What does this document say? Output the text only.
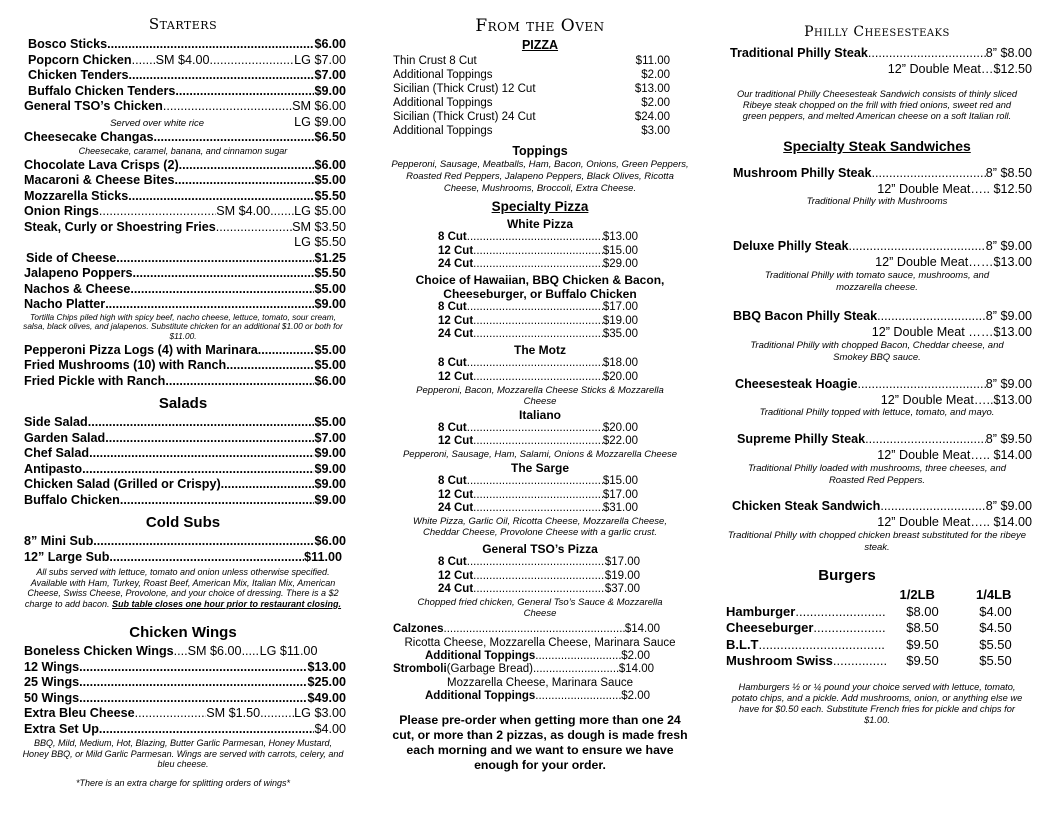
Starters
Bosco Sticks .....	$6.00
Popcorn Chicken ..... SM $4.00 .....	LG $7.00
Chicken Tenders .....	$7.00
Buffalo Chicken Tenders .....	$9.00
General TSO’s Chicken .....	SM $6.00
Served over white rice	LG $9.00
Cheesecake Changas .....	$6.50
Cheesecake, caramel, banana, and cinnamon sugar
Chocolate Lava Crisps (2) .....	$6.00
Macaroni & Cheese Bites .....	$5.00
Mozzarella Sticks .....	$5.50
Onion Rings .....	SM $4.00 ..... LG $5.00
Steak, Curly or Shoestring Fries .....	SM $3.50
LG $5.50
Side of Cheese .....	$1.25
Jalapeno Poppers .....	$5.50
Nachos & Cheese .....	$5.00
Nacho Platter .....	$9.00
Tortilla Chips piled high with spicy beef, nacho cheese, lettuce, tomato, sour cream, salsa, black olives, and jalapenos. Substitute chicken for an additional $1.00 or both for $11.00.
Pepperoni Pizza Logs (4) with Marinara .....	$5.00
Fried Mushrooms (10) with Ranch .....	$5.00
Fried Pickle with Ranch .....	$6.00
Salads
Side Salad .....	$5.00
Garden Salad .....	$7.00
Chef Salad .....	$9.00
Antipasto .....	$9.00
Chicken Salad (Grilled or Crispy) .....	$9.00
Buffalo Chicken .....	$9.00
Cold Subs
8” Mini Sub .....	$6.00
12” Large Sub .....	$11.00
All subs served with lettuce, tomato and onion unless otherwise specified. Available with Ham, Turkey, Roast Beef, American Mix, Italian Mix, American Cheese, Swiss Cheese, Provolone, and your choice of dressing. There is a $2 charge to add bacon. Sub table closes one hour prior to restaurant closing.
Chicken Wings
Boneless Chicken Wings ..... SM $6.00 ..... LG $11.00
12 Wings .....	$13.00
25 Wings .....	$25.00
50 Wings .....	$49.00
Extra Bleu Cheese .....	SM $1.50 .....	LG $3.00
Extra Set Up .....	$4.00
BBQ, Mild, Medium, Hot, Blazing, Butter Garlic Parmesan, Honey Mustard, Honey BBQ, or Mild Garlic Parmesan. Wings are served with carrots, celery, and bleu cheese.
*There is an extra charge for splitting orders of wings*
From the Oven
PIZZA
Thin Crust 8 Cut	$11.00
Additional Toppings	$2.00
Sicilian (Thick Crust) 12 Cut	$13.00
Additional Toppings	$2.00
Sicilian (Thick Crust) 24 Cut	$24.00
Additional Toppings	$3.00
Toppings
Pepperoni, Sausage, Meatballs, Ham, Bacon, Onions, Green Peppers, Roasted Red Peppers, Jalapeno Peppers, Black Olives, Ricotta Cheese, Mushrooms, Broccoli, Extra Cheese.
Specialty Pizza
White Pizza
8 Cut .....	$13.00
12 Cut .....	$15.00
24 Cut .....	$29.00
Choice of Hawaiian, BBQ Chicken & Bacon, Cheeseburger, or Buffalo Chicken
8 Cut .....	$17.00
12 Cut .....	$19.00
24 Cut .....	$35.00
The Motz
8 Cut .....	$18.00
12 Cut .....	$20.00
Pepperoni, Bacon, Mozzarella Cheese Sticks & Mozzarella Cheese
Italiano
8 Cut .....	$20.00
12 Cut .....	$22.00
Pepperoni, Sausage, Ham, Salami, Onions & Mozzarella Cheese
The Sarge
8 Cut .....	$15.00
12 Cut .....	$17.00
24 Cut .....	$31.00
White Pizza, Garlic Oil, Ricotta Cheese, Mozzarella Cheese, Cheddar Cheese, Provolone Cheese with a garlic crust.
General TSO’s Pizza
8 Cut .....	$17.00
12 Cut .....	$19.00
24 Cut .....	$37.00
Chopped fried chicken, General Tso’s Sauce & Mozzarella Cheese
Calzones .....	$14.00
Ricotta Cheese, Mozzarella Cheese, Marinara Sauce
Additional Toppings .....	$2.00
Stromboli (Garbage Bread) .....	$14.00
Mozzarella Cheese, Marinara Sauce
Additional Toppings .....	$2.00
Please pre-order when getting more than one 24 cut, or more than 2 pizzas, as dough is made fresh each morning and we want to ensure we have enough for your order.
Philly Cheesesteaks
Traditional Philly Steak .....	8” $8.00
12” Double Meat…$12.50
Our traditional Philly Cheesesteak Sandwich consists of thinly sliced Ribeye steak chopped on the frill with fried onions, sweet red and green peppers, and melted American cheese on a soft Italian roll.
Specialty Steak Sandwiches
Mushroom Philly Steak .....	8” $8.50
12” Double Meat….. $12.50
Traditional Philly with Mushrooms
Deluxe Philly Steak .....	8” $9.00
12” Double Meat……$13.00
Traditional Philly with tomato sauce, mushrooms, and mozzarella cheese.
BBQ Bacon Philly Steak .....	8” $9.00
12” Double Meat ……$13.00
Traditional Philly with chopped Bacon, Cheddar cheese, and Smokey BBQ sauce.
Cheesesteak Hoagie .....	8” $9.00
12” Double Meat…..$13.00
Traditional Philly topped with lettuce, tomato, and mayo.
Supreme Philly Steak .....	8” $9.50
12” Double Meat….. $14.00
Traditional Philly loaded with mushrooms, three cheeses, and Roasted Red Peppers.
Chicken Steak Sandwich .....	8” $9.00
12” Double Meat….. $14.00
Traditional Philly with chopped chicken breast substituted for the ribeye steak.
Burgers
1/2LB	1/4LB
Hamburger .....	$8.00	$4.00
Cheeseburger .....	$8.50	$4.50
B.L.T .....	$9.50	$5.50
Mushroom Swiss .....	$9.50	$5.50
Hamburgers ½ or ¼ pound your choice served with lettuce, tomato, potato chips, and a pickle. Add mushrooms, onion, or anything else we have for $0.50 each. Substitute French fries for pickle and chips for $1.00.
